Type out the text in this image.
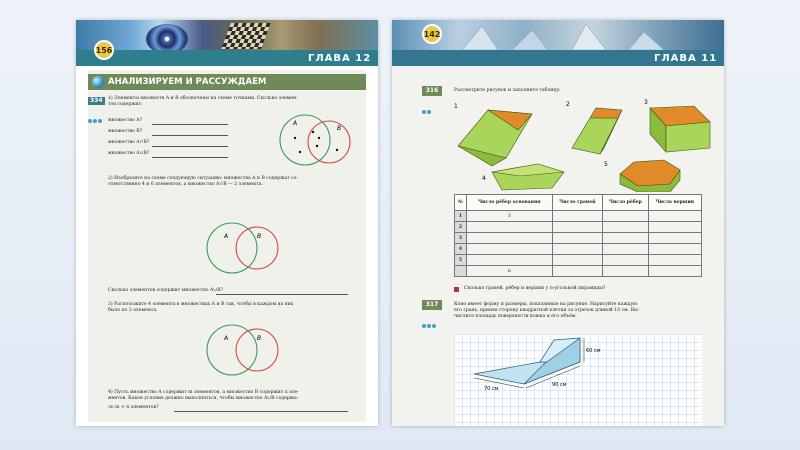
156
ГЛАВА 12
АНАЛИЗИРУЕМ И РАССУЖДАЕМ
334	1) Элементы множеств A и B обозначены на схеме точками. Сколько элемен-
тов содержит:
множество A?
множество B?
множество A∩B?
множество A∪B?
A
B
2) Изобразите на схеме следующую ситуацию: множества A и B содержат со-
ответственно 4 и 6 элементов, а множество A∩B — 2 элемента.
A	B
Сколько элементов содержит множество A∪B?
3) Расположите 4 элемента в множествах A и B так, чтобы в каждом из них
было по 3 элемента.
A	B
4) Пусть множество A содержит m элементов, а множество B содержит n эле-
ментов. Какое условие должно выполняться, чтобы множество A∪B содержа-
ло m + n элементов?
142
ГЛАВА 11
316	Рассмотрите рисунок и заполните таблицу:
1	2	3
4
5
№	Число рёбер основания	Число граней	Число рёбер	Число вершин
1	3			
2				
3				
4				
5				
	n			
Сколько граней, рёбер и вершин у n-угольной пирамиды?
317	Коно имеет форму и размеры, показанные на рисунке. Нарисуйте каждую
его грань, приняв сторону квадратной клетки за отрезок длиной 10 см. Вы-
числите площадь поверхности ковша и его объём.
70 см
90 см
60 см
